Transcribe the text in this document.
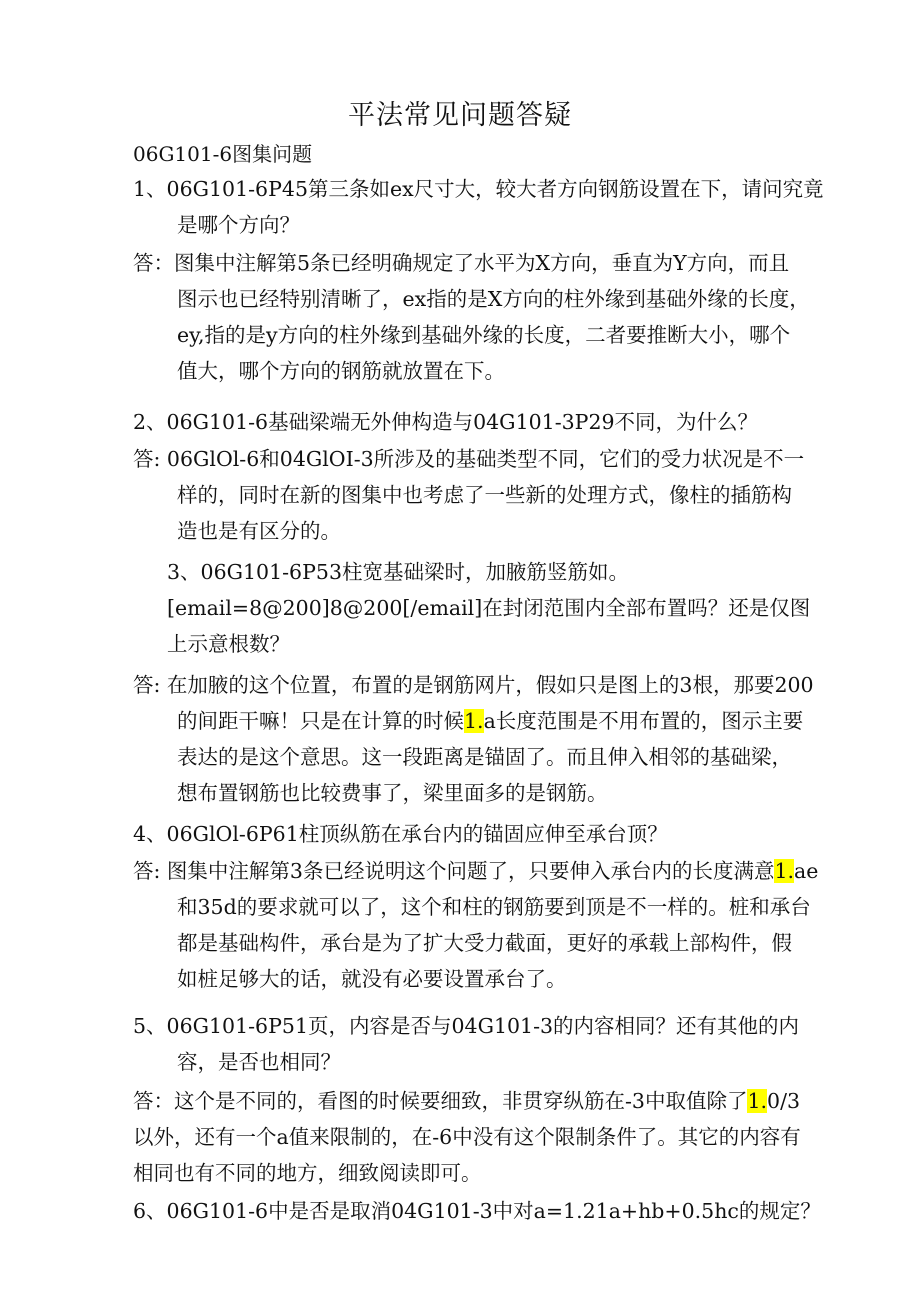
平法常见问题答疑
06G101-6图集问题
1、06G101-6P45第三条如ex尺寸大，较大者方向钢筋设置在下，请问究竟
是哪个方向？
答：图集中注解第5条已经明确规定了水平为X方向，垂直为Y方向，而且
图示也已经特别清晰了，ex指的是X方向的柱外缘到基础外缘的长度，
ey,指的是y方向的柱外缘到基础外缘的长度，二者要推断大小，哪个
值大，哪个方向的钢筋就放置在下。
2、06G101-6基础梁端无外伸构造与04G101-3P29不同，为什么？
答: 06GlOl-6和04GlOI-3所涉及的基础类型不同，它们的受力状况是不一
样的，同时在新的图集中也考虑了一些新的处理方式，像柱的插筋构
造也是有区分的。
3、06G101-6P53柱宽基础梁时，加腋筋竖筋如。
[email=8@200]8@200[/email]在封闭范围内全部布置吗？还是仅图
上示意根数？
答: 在加腋的这个位置，布置的是钢筋网片，假如只是图上的3根，那要200
的间距干嘛！只是在计算的时候1.a长度范围是不用布置的，图示主要
表达的是这个意思。这一段距离是锚固了。而且伸入相邻的基础梁，
想布置钢筋也比较费事了，梁里面多的是钢筋。
4、06GlOl-6P61柱顶纵筋在承台内的锚固应伸至承台顶？
答: 图集中注解第3条已经说明这个问题了，只要伸入承台内的长度满意1.ae
和35d的要求就可以了，这个和柱的钢筋要到顶是不一样的。桩和承台
都是基础构件，承台是为了扩大受力截面，更好的承载上部构件，假
如桩足够大的话，就没有必要设置承台了。
5、06G101-6P51页，内容是否与04G101-3的内容相同？还有其他的内
容，是否也相同？
答：这个是不同的，看图的时候要细致，非贯穿纵筋在-3中取值除了1.0/3
以外，还有一个a值来限制的，在-6中没有这个限制条件了。其它的内容有
相同也有不同的地方，细致阅读即可。
6、06G101-6中是否是取消04G101-3中对a=1.21a+hb+0.5hc的规定？
